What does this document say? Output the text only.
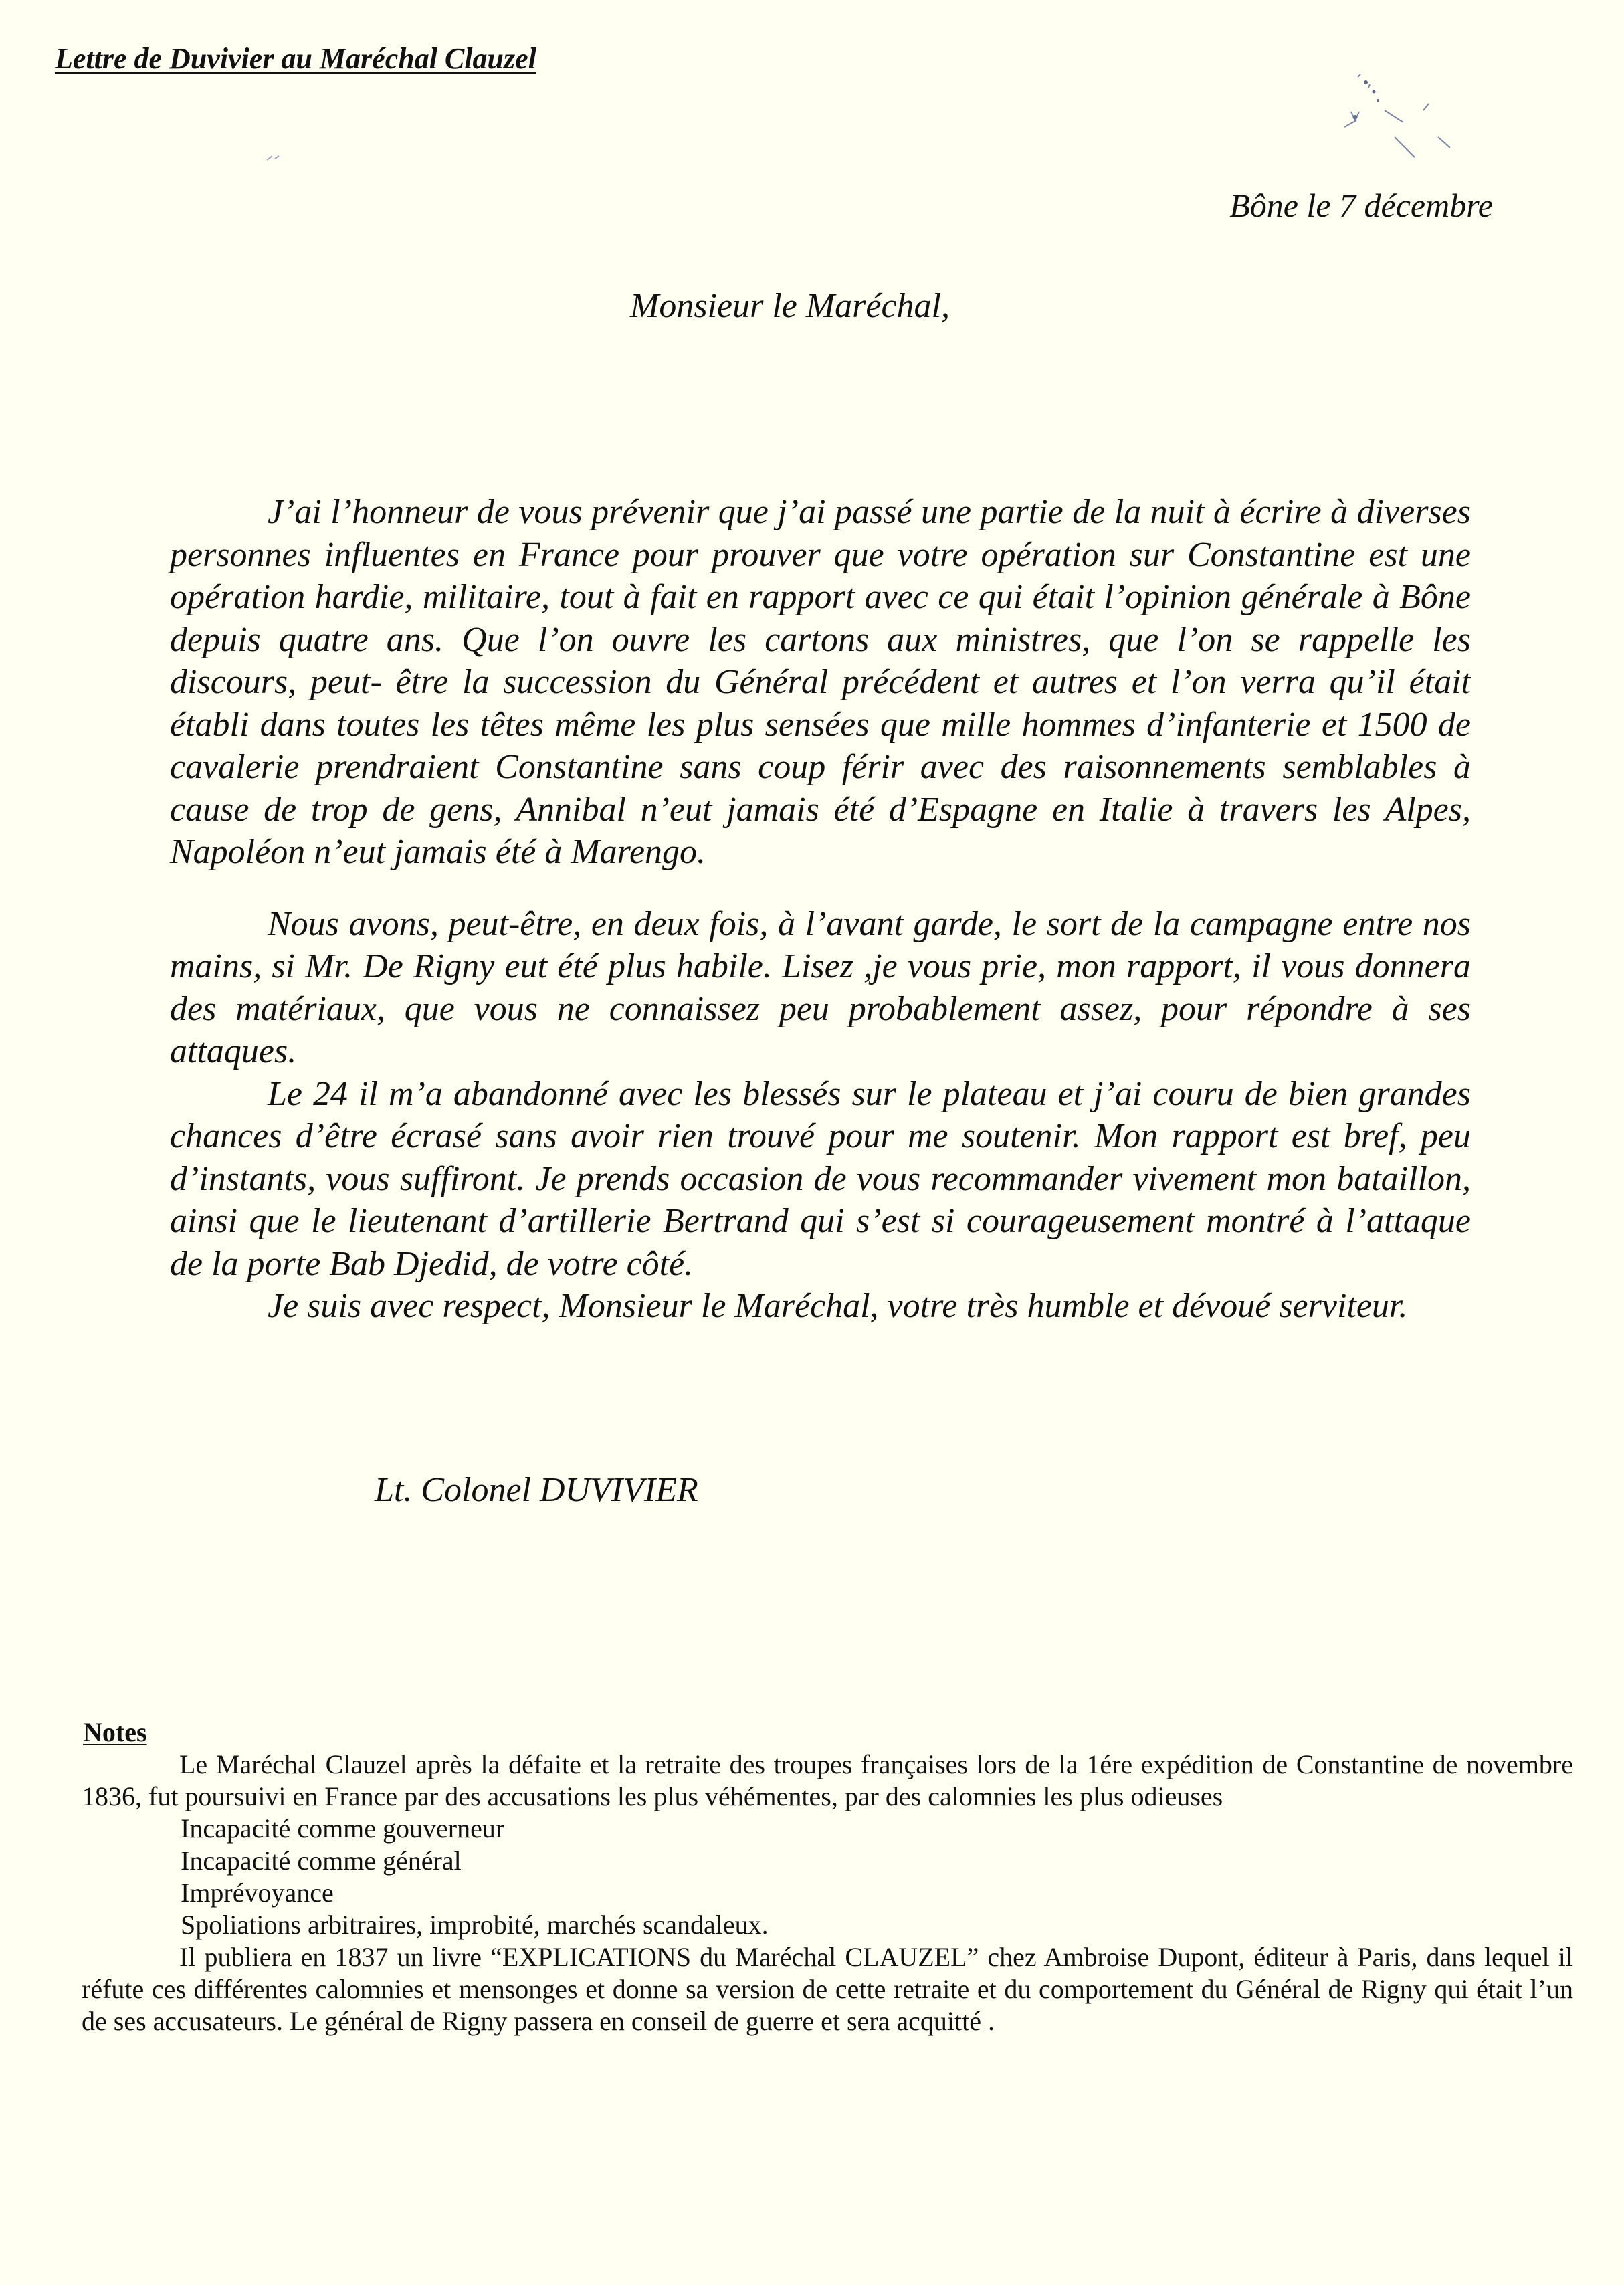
Lettre de Duvivier au Maréchal Clauzel
Bône le 7 décembre
Monsieur le Maréchal,

J’ai l’honneur de vous prévenir que j’ai passé une partie de la nuit à écrire à diverses personnes influentes en France pour prouver que votre opération sur Constantine est une opération hardie, militaire, tout à fait en rapport avec ce qui était l’opinion générale à Bône depuis quatre ans. Que l’on ouvre les cartons aux ministres, que l’on se rappelle les discours, peut- être la succession du Général précédent et autres et l’on verra qu’il était établi dans toutes les têtes même les plus sensées que mille hommes d’infanterie et 1500 de cavalerie prendraient Constantine sans coup férir avec des raisonnements semblables à cause de trop de gens, Annibal n’eut jamais été d’Espagne en Italie à travers les Alpes, Napoléon n’eut jamais été à Marengo.

Nous avons, peut-être, en deux fois, à l’avant garde, le sort de la campagne entre nos mains, si Mr. De Rigny eut été plus habile. Lisez ,je vous prie, mon rapport, il vous donnera des matériaux, que vous ne connaissez peu probablement assez, pour répondre à ses attaques.

Le 24 il m’a abandonné avec les blessés sur le plateau et j’ai couru de bien grandes chances d’être écrasé sans avoir rien trouvé pour me soutenir. Mon rapport est bref, peu d’instants, vous suffiront. Je prends occasion de vous recommander vivement mon bataillon, ainsi que le lieutenant d’artillerie Bertrand qui s’est si courageusement montré à l’attaque de la porte Bab Djedid, de votre côté.

Je suis avec respect, Monsieur le Maréchal, votre très humble et dévoué serviteur.

Lt. Colonel DUVIVIER
Notes

Le Maréchal Clauzel après la défaite et la retraite des troupes françaises lors de la 1ére expédition de Constantine de novembre 1836, fut poursuivi en France par des accusations les plus véhémentes, par des calomnies les plus odieuses

Incapacité comme gouverneur
Incapacité comme général
Imprévoyance
Spoliations arbitraires, improbité, marchés scandaleux.

Il publiera en 1837 un livre “EXPLICATIONS du Maréchal CLAUZEL” chez Ambroise Dupont, éditeur à Paris, dans lequel il réfute ces différentes calomnies et mensonges et donne sa version de cette retraite et du comportement du Général de Rigny qui était l’un de ses accusateurs. Le général de Rigny passera en conseil de guerre et sera acquitté .
